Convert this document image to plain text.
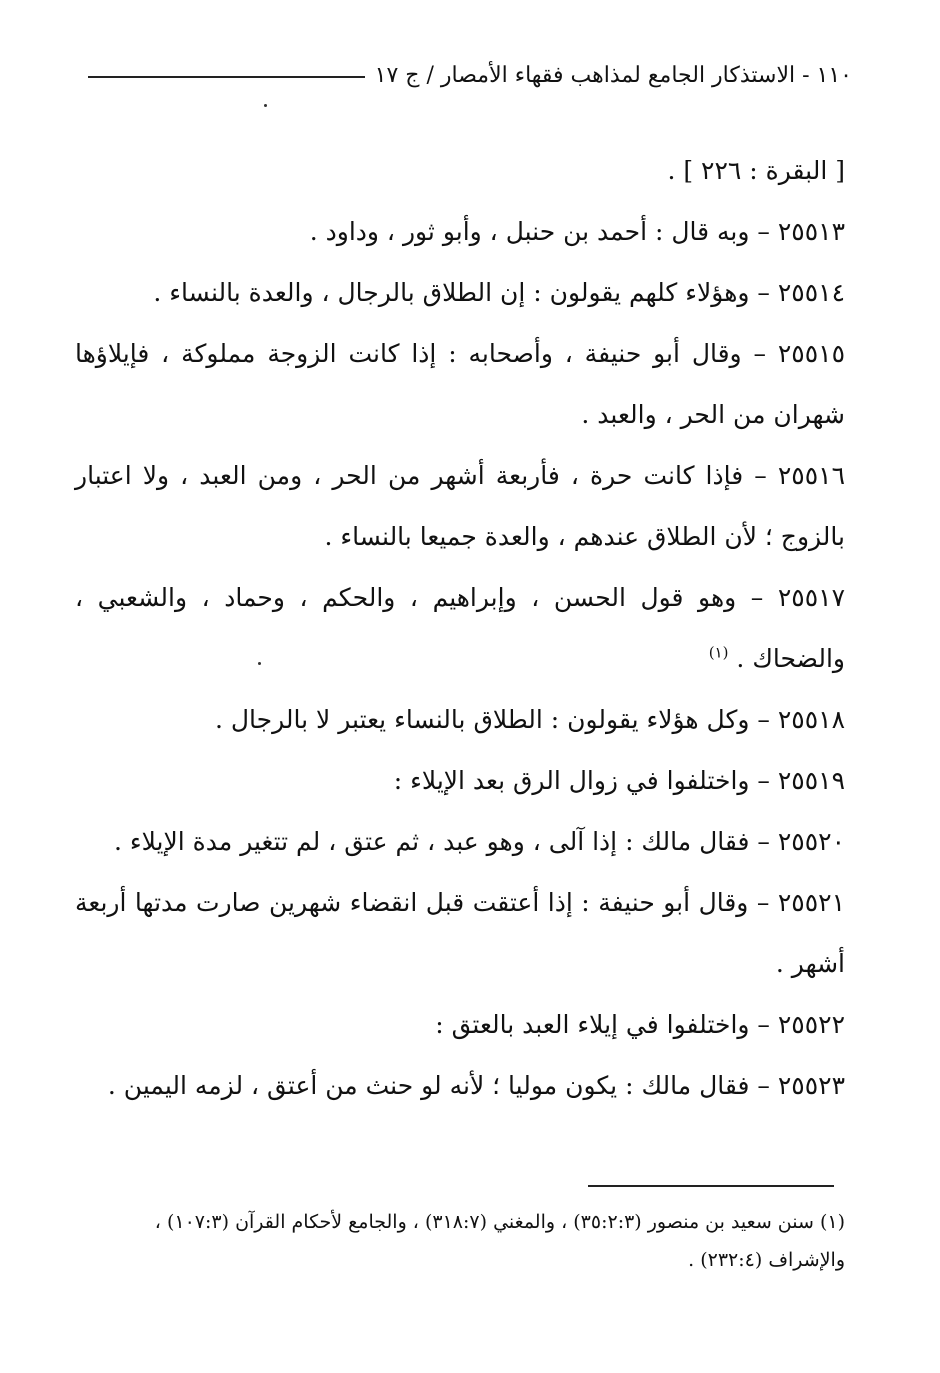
١١٠ - الاستذكار الجامع لمذاهب فقهاء الأمصار / ج ١٧

[ البقرة : ٢٢٦ ] .

٢٥٥١٣ – وبه قال : أحمد بن حنبل ، وأبو ثور ، وداود .

٢٥٥١٤ – وهؤلاء كلهم يقولون : إن الطلاق بالرجال ، والعدة بالنساء .

٢٥٥١٥ – وقال أبو حنيفة ، وأصحابه : إذا كانت الزوجة مملوكة ، فإيلاؤها شهران من الحر ، والعبد .

٢٥٥١٦ – فإذا كانت حرة ، فأربعة أشهر من الحر ، ومن العبد ، ولا اعتبار بالزوج ؛ لأن الطلاق عندهم ، والعدة جميعا بالنساء .

٢٥٥١٧ – وهو قول الحسن ، وإبراهيم ، والحكم ، وحماد ، والشعبي ، والضحاك . $^{(١)}$

٢٥٥١٨ – وكل هؤلاء يقولون : الطلاق بالنساء يعتبر لا بالرجال .

٢٥٥١٩ – واختلفوا في زوال الرق بعد الإيلاء :

٢٥٥٢٠ – فقال مالك : إذا آلى ، وهو عبد ، ثم عتق ، لم تتغير مدة الإيلاء .

٢٥٥٢١ – وقال أبو حنيفة : إذا أعتقت قبل انقضاء شهرين صارت مدتها أربعة أشهر .

٢٥٥٢٢ – واختلفوا في إيلاء العبد بالعتق :

٢٥٥٢٣ – فقال مالك : يكون موليا ؛ لأنه لو حنث من أعتق ، لزمه اليمين .

(١) سنن سعيد بن منصور (٣٥:٢:٣) ، والمغني (٣١٨:٧) ، والجامع لأحكام القرآن (١٠٧:٣) ، والإشراف (٢٣٢:٤) .
